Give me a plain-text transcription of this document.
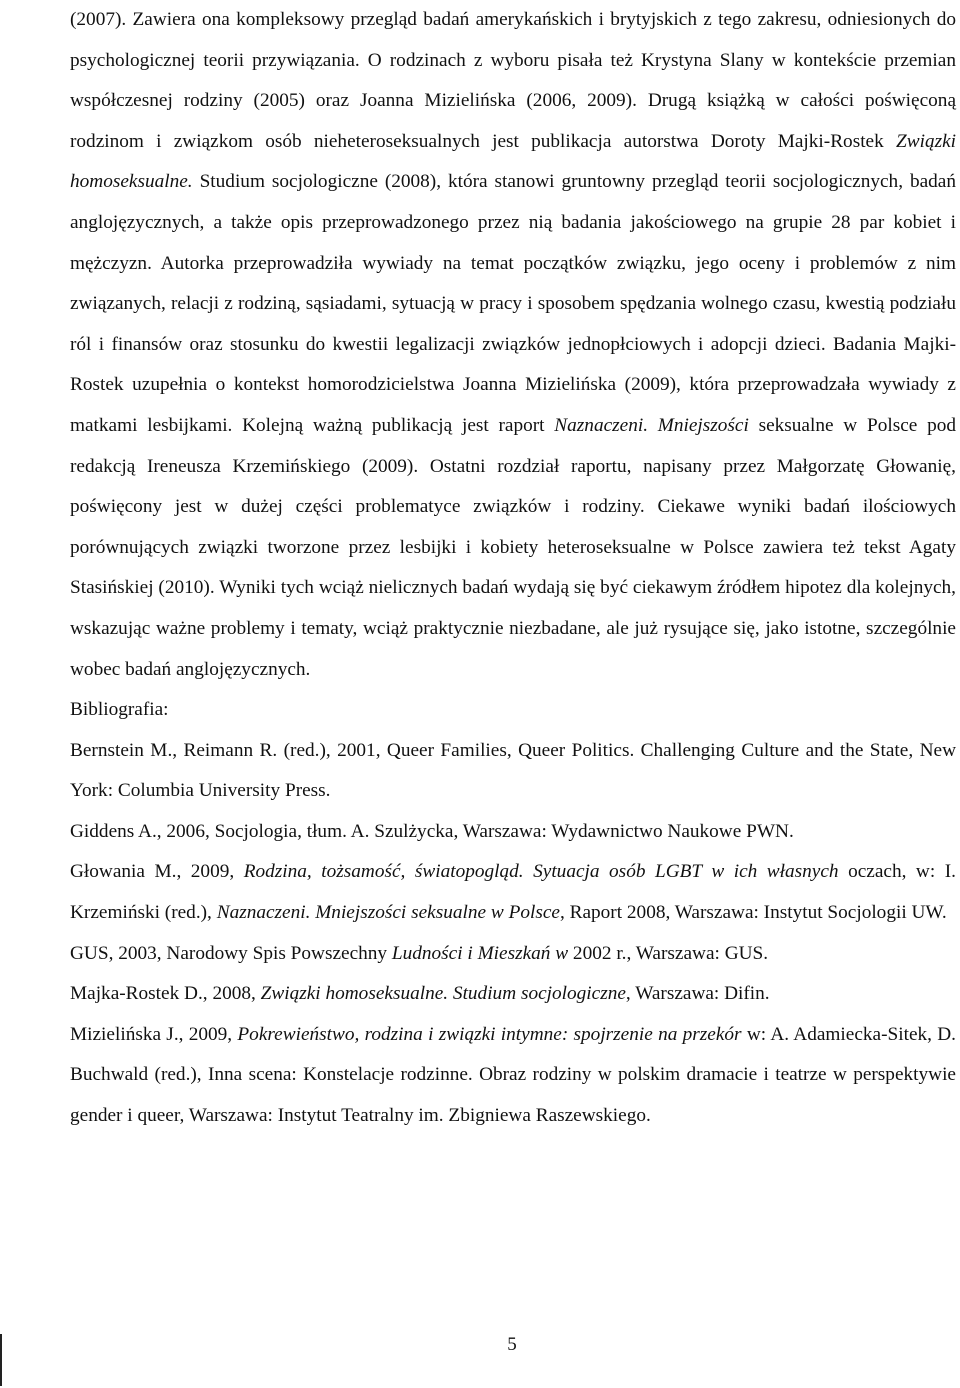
(2007). Zawiera ona kompleksowy przegląd badań amerykańskich i brytyjskich z tego zakresu, odniesionych do psychologicznej teorii przywiązania. O rodzinach z wyboru pisała też Krystyna Slany w kontekście przemian współczesnej rodziny (2005) oraz Joanna Mizielińska (2006, 2009). Drugą książką w całości poświęconą rodzinom i związkom osób nieheteroseksualnych jest publikacja autorstwa Doroty Majki-Rostek Związki homoseksualne. Studium socjologiczne (2008), która stanowi gruntowny przegląd teorii socjologicznych, badań anglojęzycznych, a także opis przeprowadzonego przez nią badania jakościowego na grupie 28 par kobiet i mężczyzn. Autorka przeprowadziła wywiady na temat początków związku, jego oceny i problemów z nim związanych, relacji z rodziną, sąsiadami, sytuacją w pracy i sposobem spędzania wolnego czasu, kwestią podziału ról i finansów oraz stosunku do kwestii legalizacji związków jednopłciowych i adopcji dzieci. Badania Majki-Rostek uzupełnia o kontekst homorodzicielstwa Joanna Mizielińska (2009), która przeprowadzała wywiady z matkami lesbijkami. Kolejną ważną publikacją jest raport Naznaczeni. Mniejszości seksualne w Polsce pod redakcją Ireneusza Krzemińskiego (2009). Ostatni rozdział raportu, napisany przez Małgorzatę Głowanię, poświęcony jest w dużej części problematyce związków i rodziny. Ciekawe wyniki badań ilościowych porównujących związki tworzone przez lesbijki i kobiety heteroseksualne w Polsce zawiera też tekst Agaty Stasińskiej (2010). Wyniki tych wciąż nielicznych badań wydają się być ciekawym źródłem hipotez dla kolejnych, wskazując ważne problemy i tematy, wciąż praktycznie niezbadane, ale już rysujące się, jako istotne, szczególnie wobec badań anglojęzycznych.

Bibliografia:

Bernstein M., Reimann R. (red.), 2001, Queer Families, Queer Politics. Challenging Culture and the State, New York: Columbia University Press.

Giddens A., 2006, Socjologia, tłum. A. Szulżycka, Warszawa: Wydawnictwo Naukowe PWN.

Głowania M., 2009, Rodzina, tożsamość, światopogląd. Sytuacja osób LGBT w ich własnych oczach, w: I. Krzemiński (red.), Naznaczeni. Mniejszości seksualne w Polsce, Raport 2008, Warszawa: Instytut Socjologii UW.

GUS, 2003, Narodowy Spis Powszechny Ludności i Mieszkań w 2002 r., Warszawa: GUS.

Majka-Rostek D., 2008, Związki homoseksualne. Studium socjologiczne, Warszawa: Difin.

Mizielińska J., 2009, Pokrewieństwo, rodzina i związki intymne: spojrzenie na przekór w: A. Adamiecka-Sitek, D. Buchwald (red.), Inna scena: Konstelacje rodzinne. Obraz rodziny w polskim dramacie i teatrze w perspektywie gender i queer, Warszawa: Instytut Teatralny im. Zbigniewa Raszewskiego.

5
